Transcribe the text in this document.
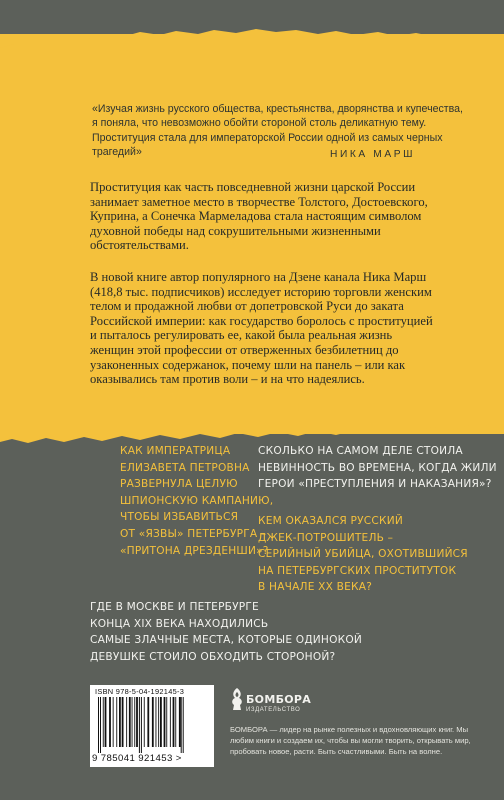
«Изучая жизнь русского общества, крестьянства, дворянства и купечества,
я поняла, что невозможно обойти стороной столь деликатную тему.
Проституция стала для императорской России одной из самых черных
трагедий»	НИКА МАРШ
Проституция как часть повседневной жизни царской России
занимает заметное место в творчестве Толстого, Достоевского,
Куприна, а Сонечка Мармеладова стала настоящим символом
духовной победы над сокрушительными жизненными
обстоятельствами.
В новой книге автор популярного на Дзене канала Ника Марш
(418,8 тыс. подписчиков) исследует историю торговли женским
телом и продажной любви от допетровской Руси до заката
Российской империи: как государство боролось с проституцией
и пыталось регулировать ее, какой была реальная жизнь
женщин этой профессии от отверженных безбилетниц до
узаконенных содержанок, почему шли на панель – или как
оказывались там против воли – и на что надеялись.
КАК ИМПЕРАТРИЦА
ЕЛИЗАВЕТА ПЕТРОВНА
РАЗВЕРНУЛА ЦЕЛУЮ
ШПИОНСКУЮ КАМПАНИЮ,
ЧТОБЫ ИЗБАВИТЬСЯ
ОТ «ЯЗВЫ» ПЕТЕРБУРГА –
«ПРИТОНА ДРЕЗДЕНШИ»?
СКОЛЬКО НА САМОМ ДЕЛЕ СТОИЛА
НЕВИННОСТЬ ВО ВРЕМЕНА, КОГДА ЖИЛИ
ГЕРОИ «ПРЕСТУПЛЕНИЯ И НАКАЗАНИЯ»?
КЕМ ОКАЗАЛСЯ РУССКИЙ
ДЖЕК-ПОТРОШИТЕЛЬ –
СЕРИЙНЫЙ УБИЙЦА, ОХОТИВШИЙСЯ
НА ПЕТЕРБУРГСКИХ ПРОСТИТУТОК
В НАЧАЛЕ XX ВЕКА?
ГДЕ В МОСКВЕ И ПЕТЕРБУРГЕ
КОНЦА XIX ВЕКА НАХОДИЛИСЬ
САМЫЕ ЗЛАЧНЫЕ МЕСТА, КОТОРЫЕ ОДИНОКОЙ
ДЕВУШКЕ СТОИЛО ОБХОДИТЬ СТОРОНОЙ?
ISBN 978-5-04-192145-3
9 785041 921453 >
БОМБОРА
ИЗДАТЕЛЬСТВО
БОМБОРА — лидер на рынке полезных и вдохновляющих книг. Мы любим книги и создаем их, чтобы вы могли творить, открывать мир, пробовать новое, расти. Быть счастливыми. Быть на волне.
